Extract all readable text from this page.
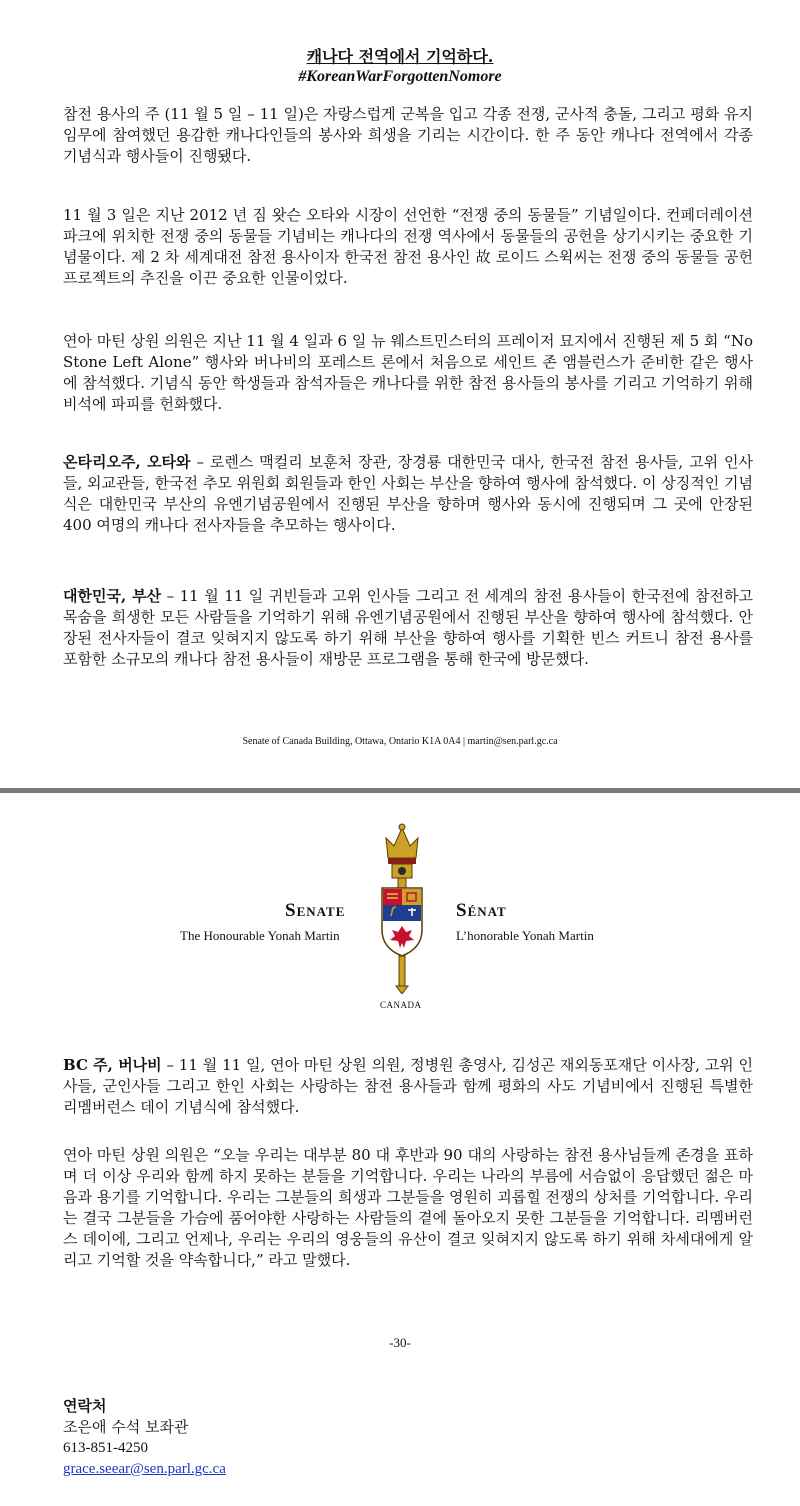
캐나다 전역에서 기억하다.
#KoreanWarForgottenNomore

참전 용사의 주 (11 월 5 일 – 11 일)은 자랑스럽게 군복을 입고 각종 전쟁, 군사적 충돌, 그리고 평화 유지 임무에 참여했던 용감한 캐나다인들의 봉사와 희생을 기리는 시간이다. 한 주 동안 캐나다 전역에서 각종 기념식과 행사들이 진행됐다.

11 월 3 일은 지난 2012 년 짐 왓슨 오타와 시장이 선언한 “전쟁 중의 동물들” 기념일이다. 컨페더레이션 파크에 위치한 전쟁 중의 동물들 기념비는 캐나다의 전쟁 역사에서 동물들의 공헌을 상기시키는 중요한 기념물이다. 제 2 차 세계대전 참전 용사이자 한국전 참전 용사인 故 로이드 스윅씨는 전쟁 중의 동물들 공헌 프로젝트의 추진을 이끈 중요한 인물이었다.

연아 마틴 상원 의원은 지난 11 월 4 일과 6 일 뉴 웨스트민스터의 프레이저 묘지에서 진행된 제 5 회 “No Stone Left Alone” 행사와 버나비의 포레스트 론에서 처음으로 세인트 존 앰블런스가 준비한 같은 행사에 참석했다. 기념식 동안 학생들과 참석자들은 캐나다를 위한 참전 용사들의 봉사를 기리고 기억하기 위해 비석에 파피를 헌화했다.

온타리오주, 오타와 – 로렌스 맥컬리 보훈처 장관, 장경룡 대한민국 대사, 한국전 참전 용사들, 고위 인사들, 외교관들, 한국전 추모 위원회 회원들과 한인 사회는 부산을 향하여 행사에 참석했다. 이 상징적인 기념식은 대한민국 부산의 유엔기념공원에서 진행된 부산을 향하며 행사와 동시에 진행되며 그 곳에 안장된 400 여명의 캐나다 전사자들을 추모하는 행사이다.

대한민국, 부산 – 11 월 11 일 귀빈들과 고위 인사들 그리고 전 세계의 참전 용사들이 한국전에 참전하고 목숨을 희생한 모든 사람들을 기억하기 위해 유엔기념공원에서 진행된 부산을 향하여 행사에 참석했다. 안장된 전사자들이 결코 잊혀지지 않도록 하기 위해 부산을 향하여 행사를 기획한 빈스 커트니 참전 용사를 포함한 소규모의 캐나다 참전 용사들이 재방문 프로그램을 통해 한국에 방문했다.

Senate of Canada Building, Ottawa, Ontario K1A 0A4 | martin@sen.parl.gc.ca
Senate	Sénat
The Honourable Yonah Martin	L’honorable Yonah Martin
CANADA

BC 주, 버나비 – 11 월 11 일, 연아 마틴 상원 의원, 정병원 총영사, 김성곤 재외동포재단 이사장, 고위 인사들, 군인사들 그리고 한인 사회는 사랑하는 참전 용사들과 함께 평화의 사도 기념비에서 진행된 특별한 리멤버런스 데이 기념식에 참석했다.

연아 마틴 상원 의원은 “오늘 우리는 대부분 80 대 후반과 90 대의 사랑하는 참전 용사님들께 존경을 표하며 더 이상 우리와 함께 하지 못하는 분들을 기억합니다. 우리는 나라의 부름에 서슴없이 응답했던 젊은 마음과 용기를 기억합니다. 우리는 그분들의 희생과 그분들을 영원히 괴롭힐 전쟁의 상처를 기억합니다. 우리는 결국 그분들을 가슴에 품어야한 사랑하는 사람들의 곁에 돌아오지 못한 그분들을 기억합니다. 리멤버런스 데이에, 그리고 언제나, 우리는 우리의 영웅들의 유산이 결코 잊혀지지 않도록 하기 위해 차세대에게 알리고 기억할 것을 약속합니다,” 라고 말했다.

-30-
연락처
조은애 수석 보좌관
613-851-4250
grace.seear@sen.parl.gc.ca
